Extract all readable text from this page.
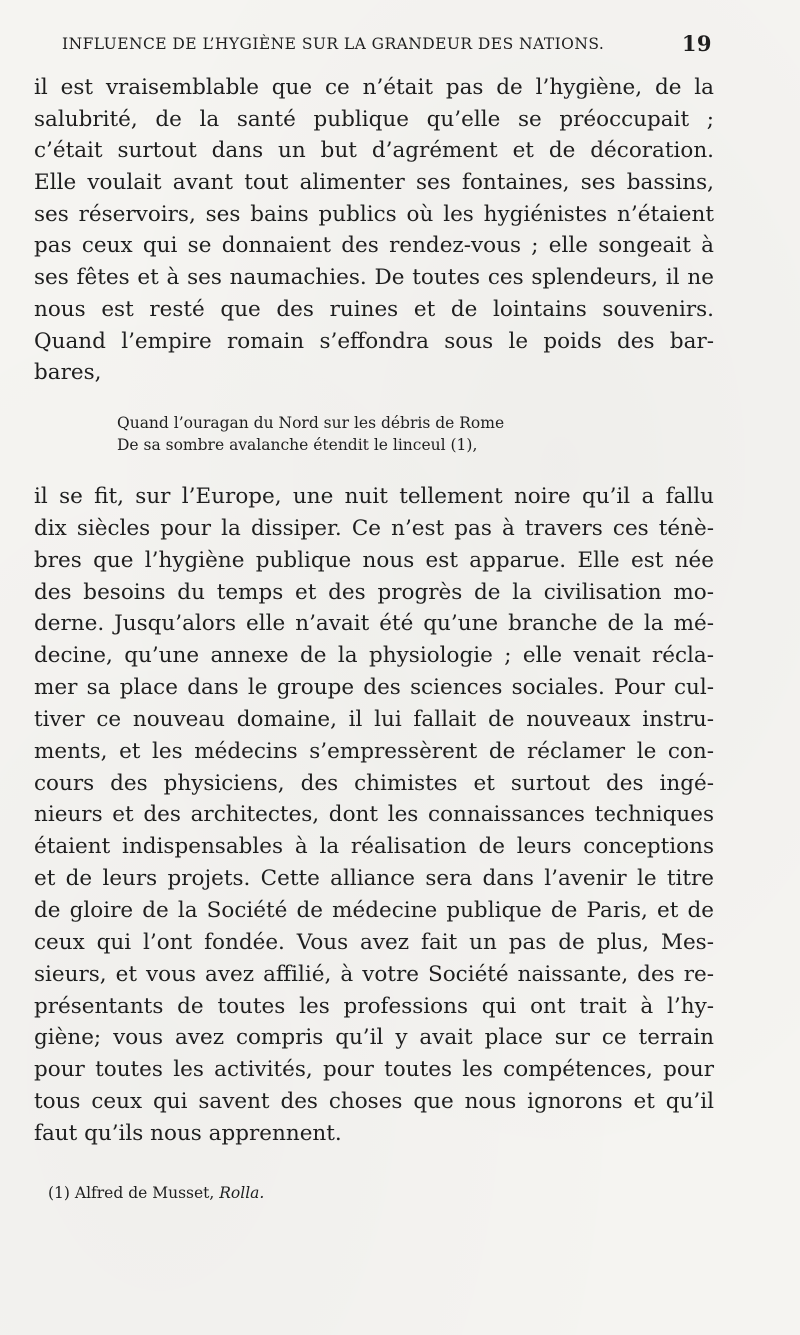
INFLUENCE DE L’HYGIÈNE SUR LA GRANDEUR DES NATIONS.	19
il est vraisemblable que ce n’était pas de l’hygiène, de la
salubrité, de la santé publique qu’elle se préoccupait ;
c’était surtout dans un but d’agrément et de décoration.
Elle voulait avant tout alimenter ses fontaines, ses bassins,
ses réservoirs, ses bains publics où les hygiénistes n’étaient
pas ceux qui se donnaient des rendez-vous ; elle songeait à
ses fêtes et à ses naumachies. De toutes ces splendeurs, il ne
nous est resté que des ruines et de lointains souvenirs.
Quand l’empire romain s’effondra sous le poids des bar-
bares,
Quand l’ouragan du Nord sur les débris de Rome
De sa sombre avalanche étendit le linceul (1),
il se fit, sur l’Europe, une nuit tellement noire qu’il a fallu
dix siècles pour la dissiper. Ce n’est pas à travers ces ténè-
bres que l’hygiène publique nous est apparue. Elle est née
des besoins du temps et des progrès de la civilisation mo-
derne. Jusqu’alors elle n’avait été qu’une branche de la mé-
decine, qu’une annexe de la physiologie ; elle venait récla-
mer sa place dans le groupe des sciences sociales. Pour cul-
tiver ce nouveau domaine, il lui fallait de nouveaux instru-
ments, et les médecins s’empressèrent de réclamer le con-
cours des physiciens, des chimistes et surtout des ingé-
nieurs et des architectes, dont les connaissances techniques
étaient indispensables à la réalisation de leurs conceptions
et de leurs projets. Cette alliance sera dans l’avenir le titre
de gloire de la Société de médecine publique de Paris, et de
ceux qui l’ont fondée. Vous avez fait un pas de plus, Mes-
sieurs, et vous avez affilié, à votre Société naissante, des re-
présentants de toutes les professions qui ont trait à l’hy-
giène; vous avez compris qu’il y avait place sur ce terrain
pour toutes les activités, pour toutes les compétences, pour
tous ceux qui savent des choses que nous ignorons et qu’il
faut qu’ils nous apprennent.
(1) Alfred de Musset, Rolla.
